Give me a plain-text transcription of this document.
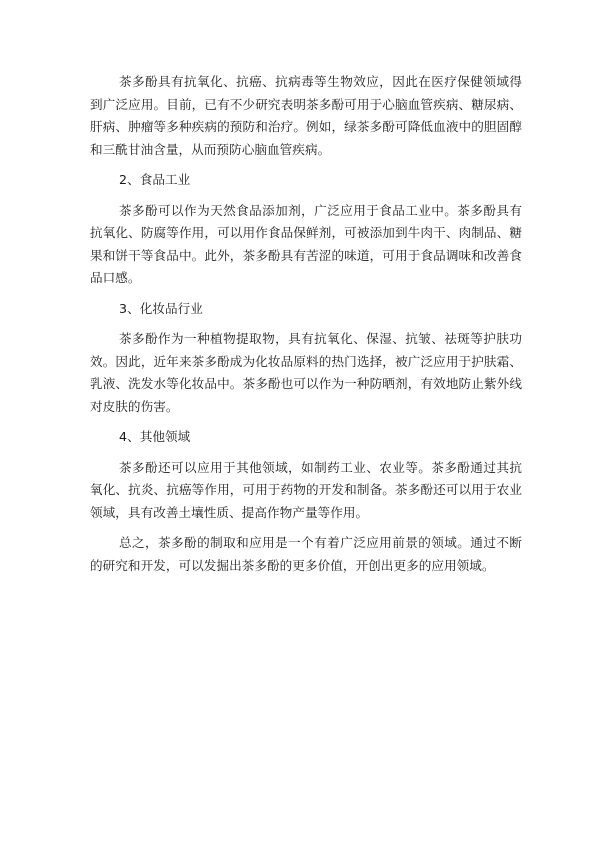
茶多酚具有抗氧化、抗癌、抗病毒等生物效应，因此在医疗保健领域得到广泛应用。目前，已有不少研究表明茶多酚可用于心脑血管疾病、糖尿病、肝病、肿瘤等多种疾病的预防和治疗。例如，绿茶多酚可降低血液中的胆固醇和三酰甘油含量，从而预防心脑血管疾病。

2、食品工业

茶多酚可以作为天然食品添加剂，广泛应用于食品工业中。茶多酚具有抗氧化、防腐等作用，可以用作食品保鲜剂，可被添加到牛肉干、肉制品、糖果和饼干等食品中。此外，茶多酚具有苦涩的味道，可用于食品调味和改善食品口感。

3、化妆品行业

茶多酚作为一种植物提取物，具有抗氧化、保湿、抗皱、祛斑等护肤功效。因此，近年来茶多酚成为化妆品原料的热门选择，被广泛应用于护肤霜、乳液、洗发水等化妆品中。茶多酚也可以作为一种防晒剂，有效地防止紫外线对皮肤的伤害。

4、其他领域

茶多酚还可以应用于其他领域，如制药工业、农业等。茶多酚通过其抗氧化、抗炎、抗癌等作用，可用于药物的开发和制备。茶多酚还可以用于农业领域，具有改善土壤性质、提高作物产量等作用。

总之，茶多酚的制取和应用是一个有着广泛应用前景的领域。通过不断的研究和开发，可以发掘出茶多酚的更多价值，开创出更多的应用领域。
